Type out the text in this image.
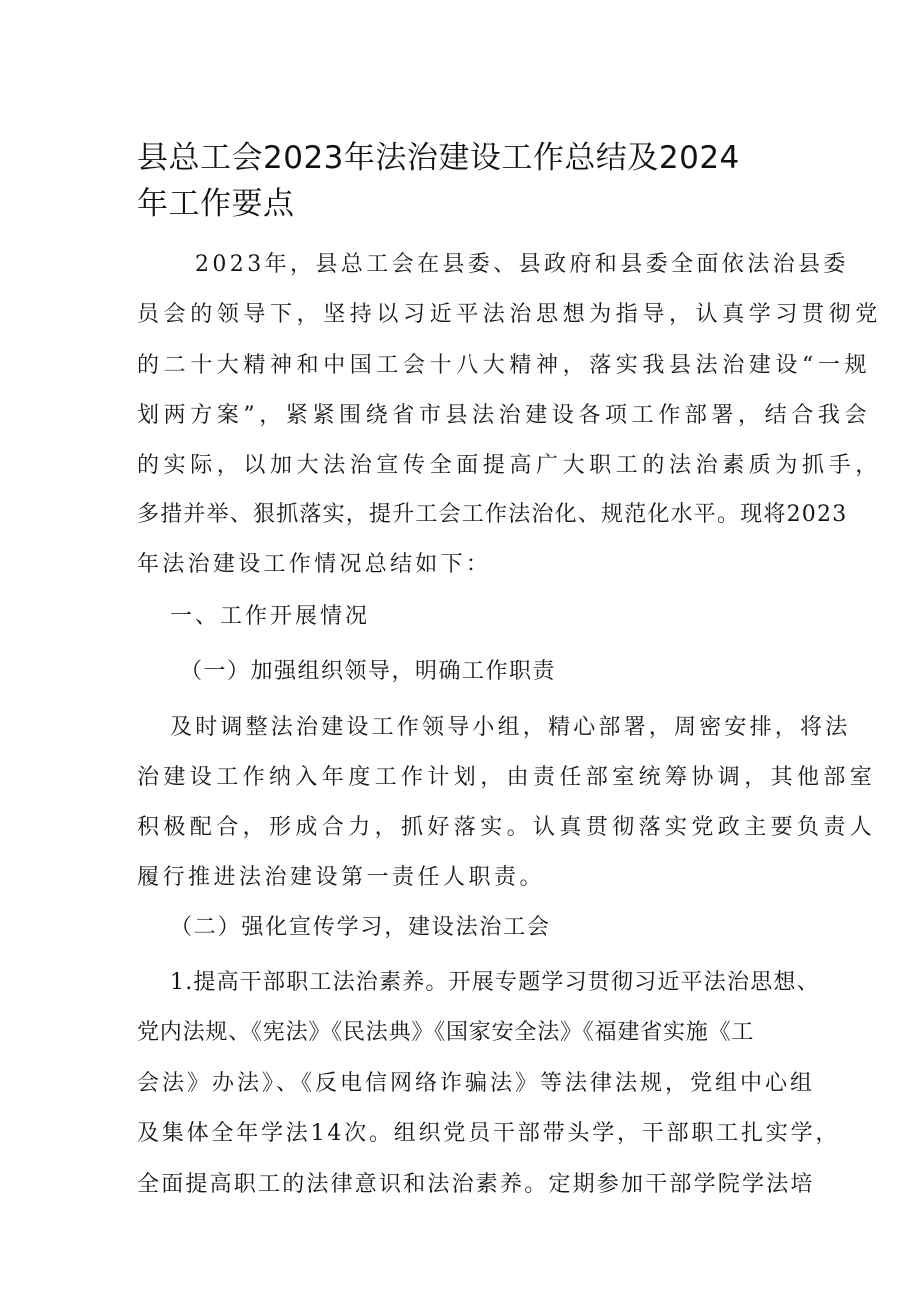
县总工会2023年法治建设工作总结及2024
年工作要点
2023年，县总工会在县委、县政府和县委全面依法治县委
员会的领导下，坚持以习近平法治思想为指导，认真学习贯彻党
的二十大精神和中国工会十八大精神，落实我县法治建设“一规
划两方案”，紧紧围绕省市县法治建设各项工作部署，结合我会
的实际，以加大法治宣传全面提高广大职工的法治素质为抓手，
多措并举、狠抓落实，提升工会工作法治化、规范化水平。现将2023
年法治建设工作情况总结如下：
一、工作开展情况
（一）加强组织领导，明确工作职责
及时调整法治建设工作领导小组，精心部署，周密安排，将法
治建设工作纳入年度工作计划，由责任部室统筹协调，其他部室
积极配合，形成合力，抓好落实。认真贯彻落实党政主要负责人
履行推进法治建设第一责任人职责。
（二）强化宣传学习，建设法治工会
1.提高干部职工法治素养。开展专题学习贯彻习近平法治思想、
党内法规、《宪法》《民法典》《国家安全法》《福建省实施《工
会法》办法》、《反电信网络诈骗法》等法律法规，党组中心组
及集体全年学法14次。组织党员干部带头学，干部职工扎实学，
全面提高职工的法律意识和法治素养。定期参加干部学院学法培
